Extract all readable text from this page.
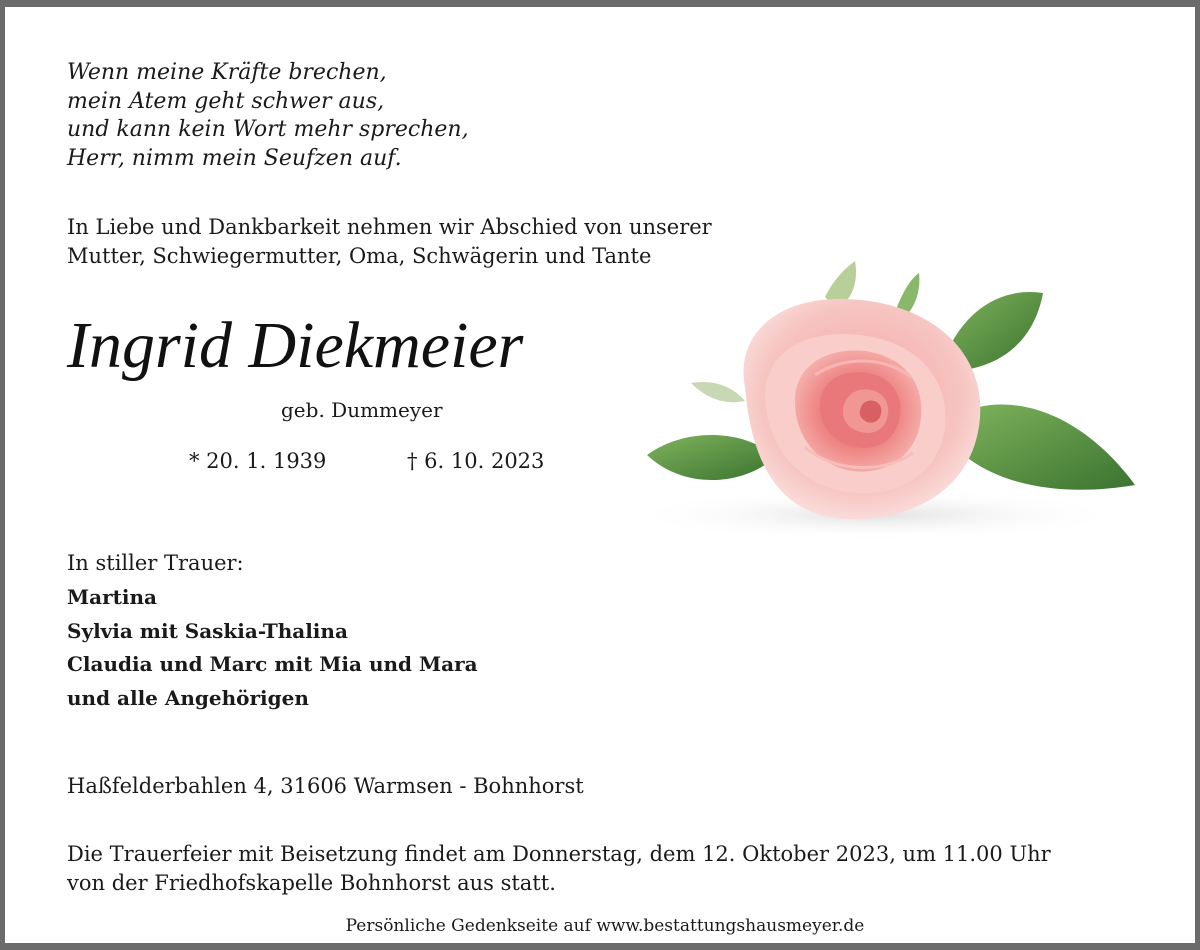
Wenn meine Kräfte brechen,
mein Atem geht schwer aus,
und kann kein Wort mehr sprechen,
Herr, nimm mein Seufzen auf.
In Liebe und Dankbarkeit nehmen wir Abschied von unserer
Mutter, Schwiegermutter, Oma, Schwägerin und Tante
Ingrid Diekmeier
geb. Dummeyer
* 20. 1. 1939	† 6. 10. 2023
In stiller Trauer:
Martina
Sylvia mit Saskia-Thalina
Claudia und Marc mit Mia und Mara
und alle Angehörigen
Haßfelderbahlen 4, 31606 Warmsen - Bohnhorst
Die Trauerfeier mit Beisetzung findet am Donnerstag, dem 12. Oktober 2023, um 11.00 Uhr
von der Friedhofskapelle Bohnhorst aus statt.
Persönliche Gedenkseite auf www.bestattungshausmeyer.de
